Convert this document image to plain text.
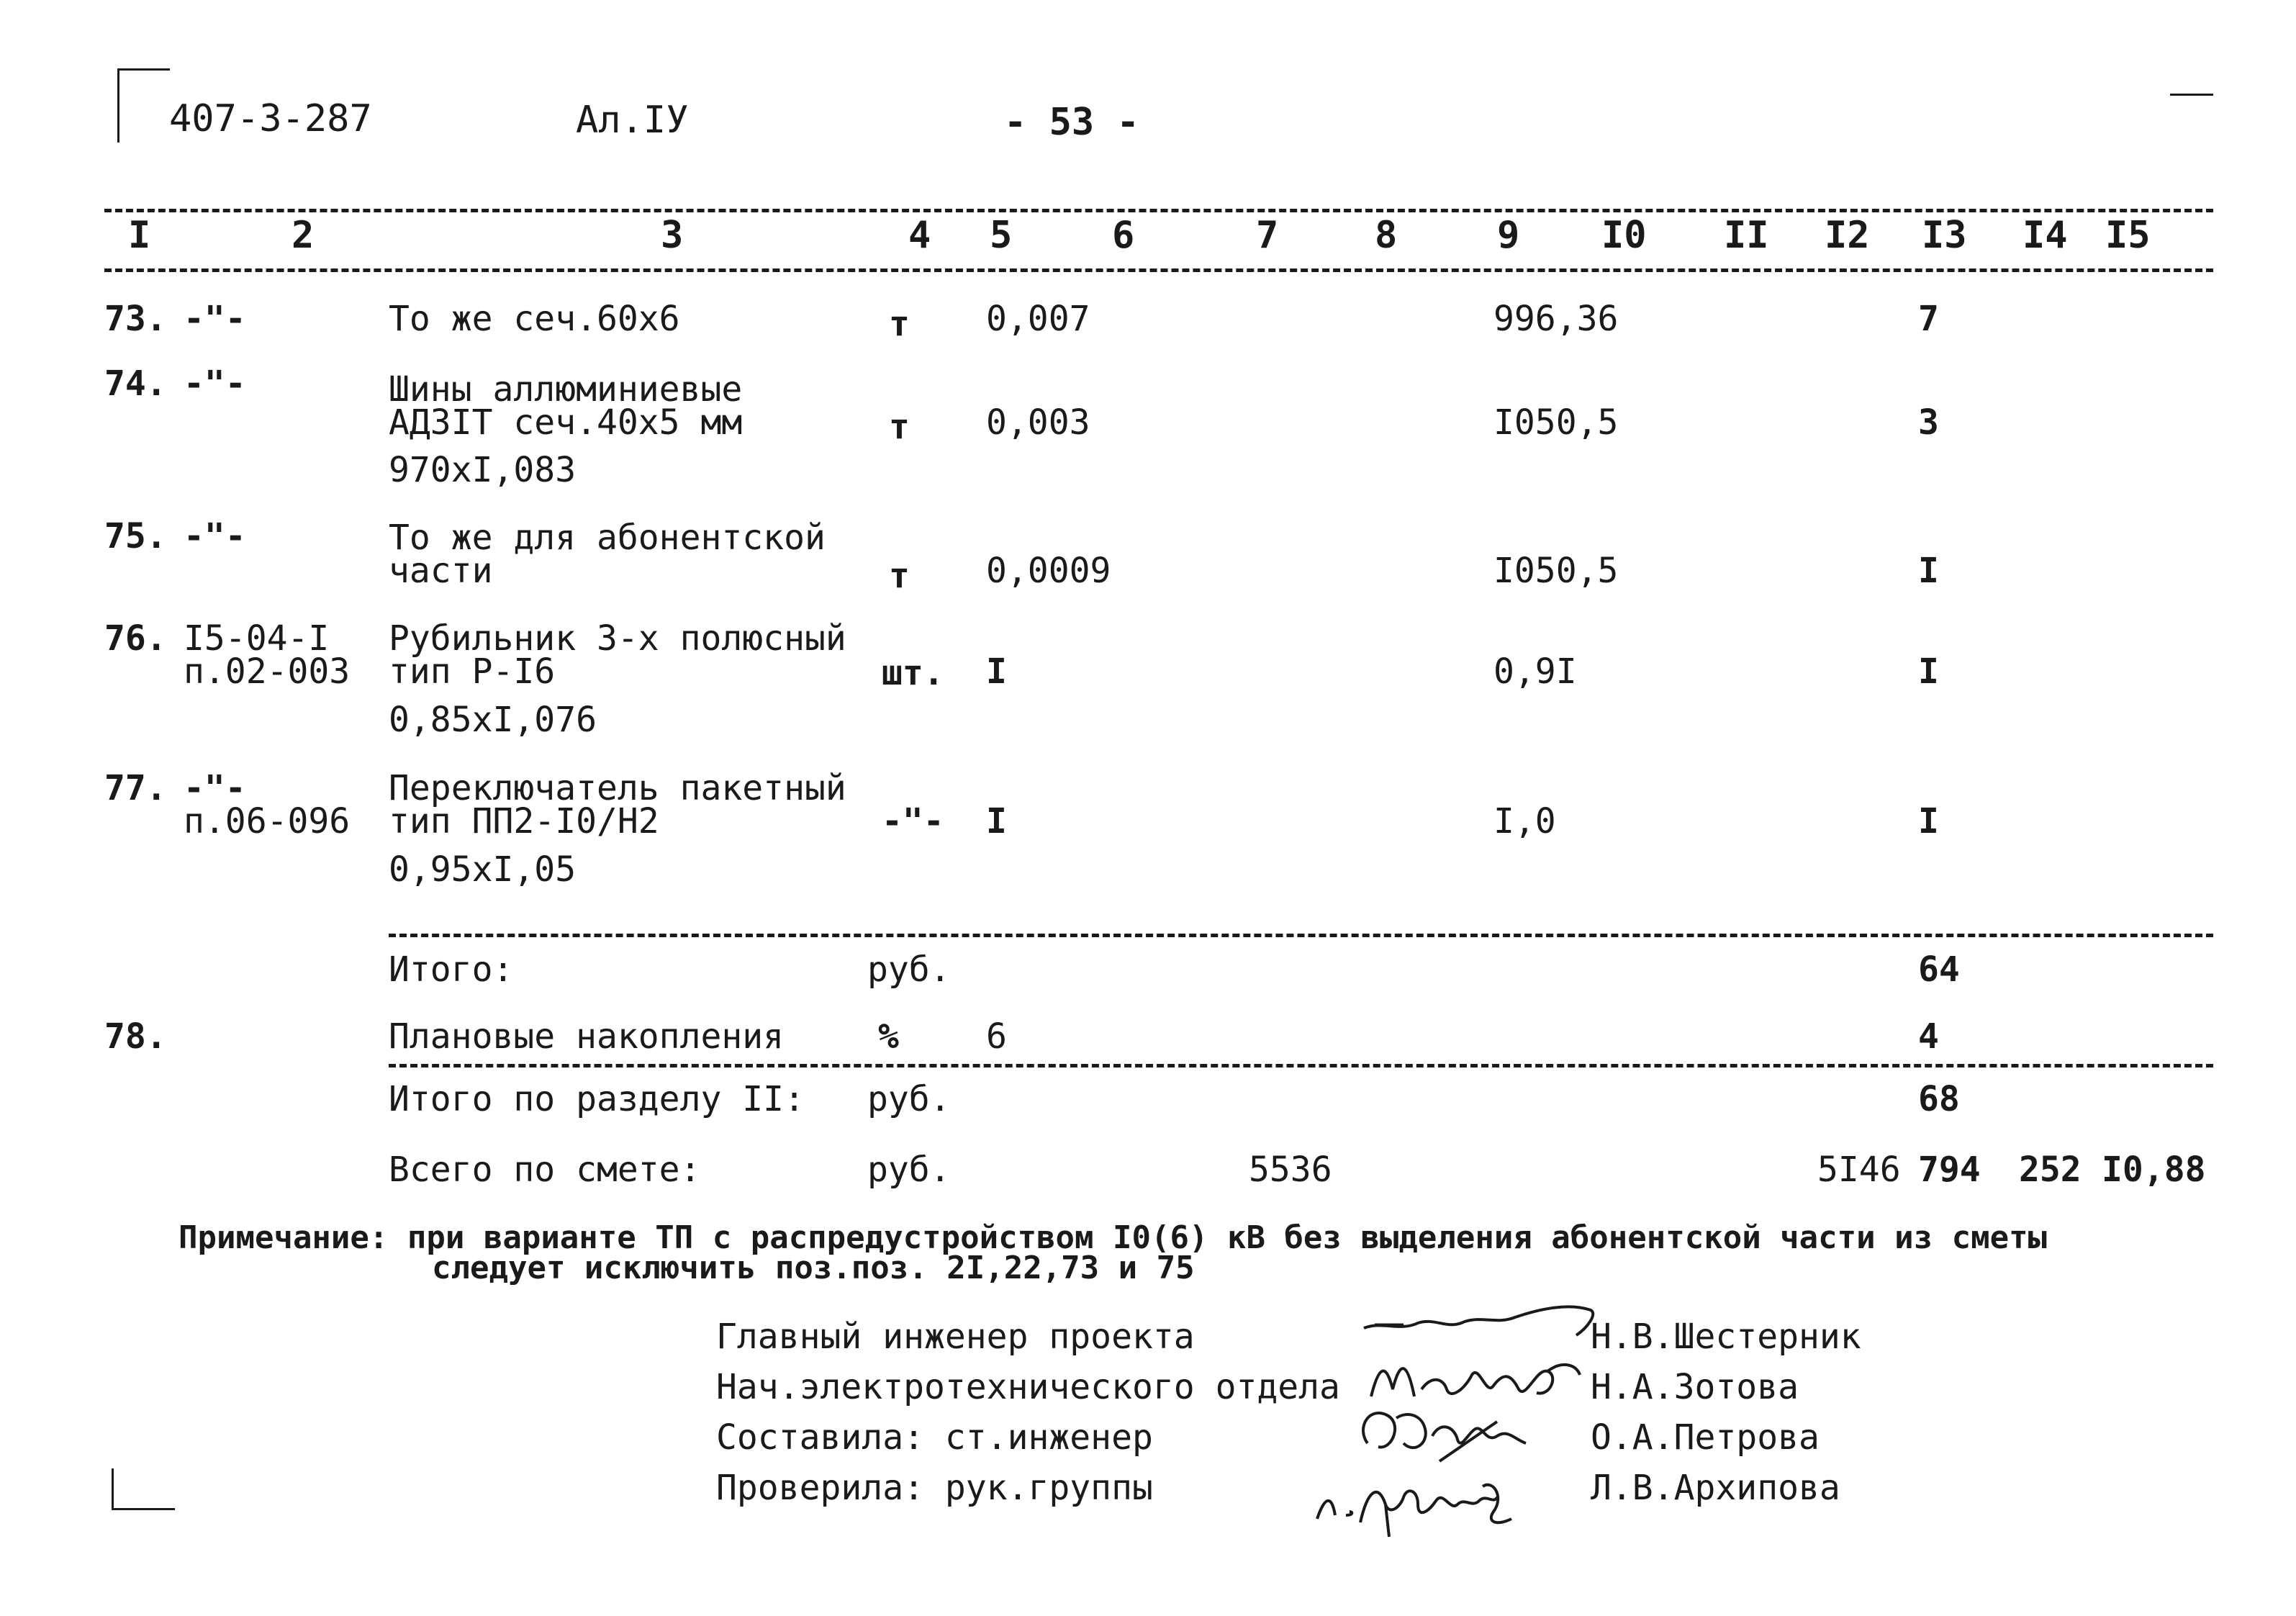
407-3-287	Ал.IУ	- 53 -
I	2	3	4 5	6	7	8	9 I0 II I2 I3 I4 I5
73. -"-	То же сеч.60х6	т 0,007	996,36	7
74. -"-	Шины аллюминиевые
АД3IТ сеч.40х5 мм
970хI,083
т 0,003	I050,5	3
75. -"-	То же для абонентской
части	т 0,0009	I050,5	I
76. I5-04-I
п.02-003
Рубильник 3-х полюсный
тип Р-I6
0,85хI,076
шт. I	0,9I	I
77. -"-
п.06-096
Переключатель пакетный
тип ПП2-I0/Н2
0,95хI,05
-"- I	I,0	I
Итого:	руб.	64
78.	Плановые накопления	%	6	4
Итого по разделу II: руб.	68
Всего по смете:	руб.	5536	5I46 794 252 I0,88
Примечание: при варианте ТП с распредустройством I0(6) кВ без выделения абонентской части из сметы
следует исключить поз.поз. 2I,22,73 и 75
Главный инженер проекта	Н.В.Шестерник
Нач.электротехнического отдела	Н.А.Зотова
Составила: ст.инженер	О.А.Петрова
Проверила: рук.группы	Л.В.Архипова
